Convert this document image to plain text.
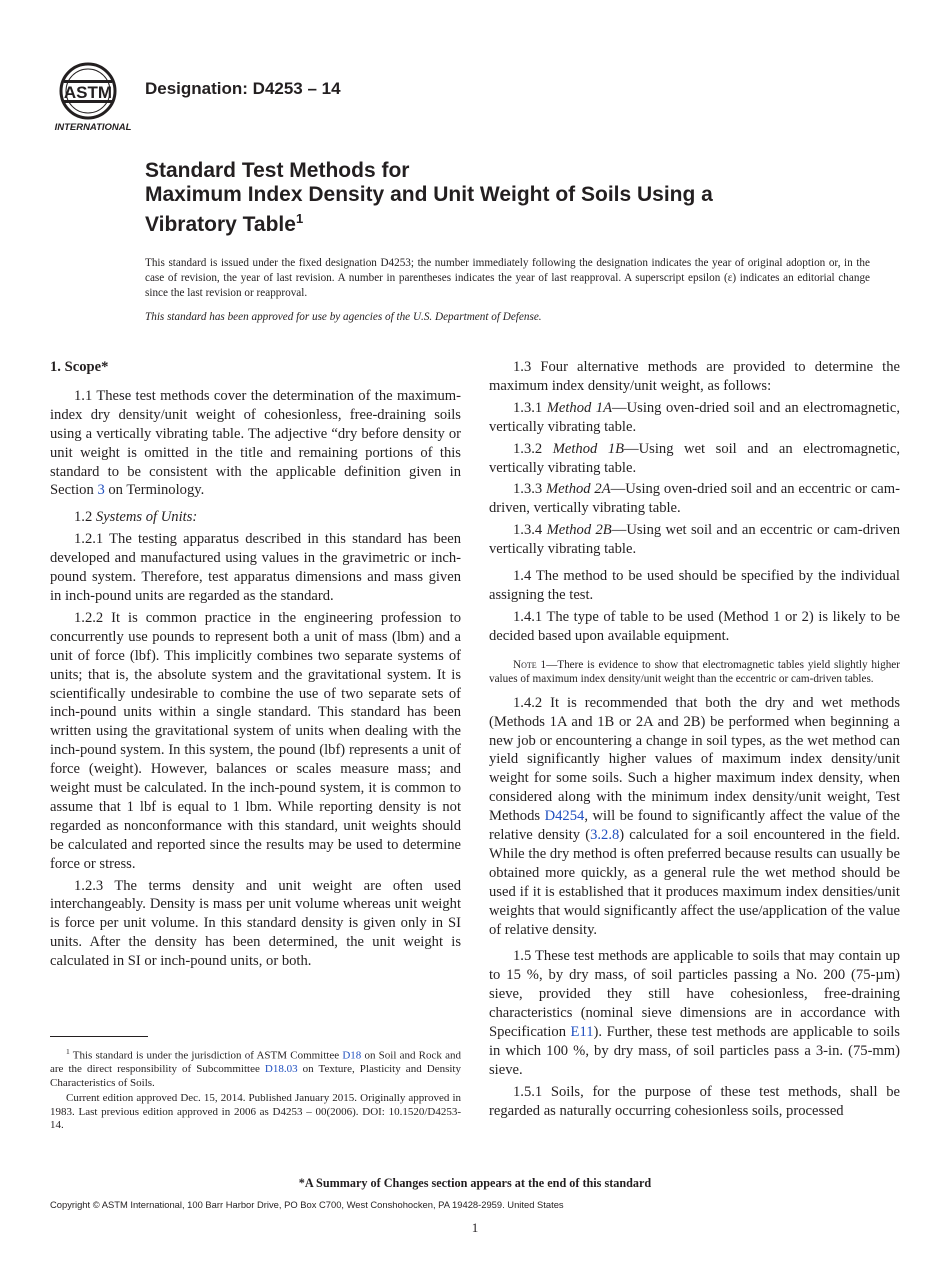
ASTM
INTERNATIONAL
Designation: D4253 – 14
Standard Test Methods for
Maximum Index Density and Unit Weight of Soils Using a
Vibratory Table$^1$
This standard is issued under the fixed designation D4253; the number immediately following the designation indicates the year of original adoption or, in the case of revision, the year of last revision. A number in parentheses indicates the year of last reapproval. A superscript epsilon (ε) indicates an editorial change since the last revision or reapproval.
This standard has been approved for use by agencies of the U.S. Department of Defense.
1. Scope*

1.1 These test methods cover the determination of the maximum-index dry density/unit weight of cohesionless, free-draining soils using a vertically vibrating table. The adjective “dry before density or unit weight is omitted in the title and remaining portions of this standard to be consistent with the applicable definition given in Section 3 on Terminology.

1.2 Systems of Units:

1.2.1 The testing apparatus described in this standard has been developed and manufactured using values in the gravimetric or inch-pound system. Therefore, test apparatus dimensions and mass given in inch-pound units are regarded as the standard.

1.2.2 It is common practice in the engineering profession to concurrently use pounds to represent both a unit of mass (lbm) and a unit of force (lbf). This implicitly combines two separate systems of units; that is, the absolute system and the gravitational system. It is scientifically undesirable to combine the use of two separate sets of inch-pound units within a single standard. This standard has been written using the gravitational system of units when dealing with the inch-pound system. In this system, the pound (lbf) represents a unit of force (weight). However, balances or scales measure mass; and weight must be calculated. In the inch-pound system, it is common to assume that 1 lbf is equal to 1 lbm. While reporting density is not regarded as nonconformance with this standard, unit weights should be calculated and reported since the results may be used to determine force or stress.

1.2.3 The terms density and unit weight are often used interchangeably. Density is mass per unit volume whereas unit weight is force per unit volume. In this standard density is given only in SI units. After the density has been determined, the unit weight is calculated in SI or inch-pound units, or both.

$^1$ This standard is under the jurisdiction of ASTM Committee D18 on Soil and Rock and are the direct responsibility of Subcommittee D18.03 on Texture, Plasticity and Density Characteristics of Soils.

Current edition approved Dec. 15, 2014. Published January 2015. Originally approved in 1983. Last previous edition approved in 2006 as D4253 – 00(2006). DOI: 10.1520/D4253-14.

1.3 Four alternative methods are provided to determine the maximum index density/unit weight, as follows:

1.3.1 Method 1A—Using oven-dried soil and an electromagnetic, vertically vibrating table.

1.3.2 Method 1B—Using wet soil and an electromagnetic, vertically vibrating table.

1.3.3 Method 2A—Using oven-dried soil and an eccentric or cam-driven, vertically vibrating table.

1.3.4 Method 2B—Using wet soil and an eccentric or cam-driven vertically vibrating table.

1.4 The method to be used should be specified by the individual assigning the test.

1.4.1 The type of table to be used (Method 1 or 2) is likely to be decided based upon available equipment.

Note 1—There is evidence to show that electromagnetic tables yield slightly higher values of maximum index density/unit weight than the eccentric or cam-driven tables.

1.4.2 It is recommended that both the dry and wet methods (Methods 1A and 1B or 2A and 2B) be performed when beginning a new job or encountering a change in soil types, as the wet method can yield significantly higher values of maximum index density/unit weight for some soils. Such a higher maximum index density, when considered along with the minimum index density/unit weight, Test Methods D4254, will be found to significantly affect the value of the relative density (3.2.8) calculated for a soil encountered in the field. While the dry method is often preferred because results can usually be obtained more quickly, as a general rule the wet method should be used if it is established that it produces maximum index densities/unit weights that would significantly affect the use/application of the value of relative density.

1.5 These test methods are applicable to soils that may contain up to 15 %, by dry mass, of soil particles passing a No. 200 (75-µm) sieve, provided they still have cohesionless, free-draining characteristics (nominal sieve dimensions are in accordance with Specification E11). Further, these test methods are applicable to soils in which 100 %, by dry mass, of soil particles pass a 3-in. (75-mm) sieve.

1.5.1 Soils, for the purpose of these test methods, shall be regarded as naturally occurring cohesionless soils, processed

*A Summary of Changes section appears at the end of this standard
Copyright © ASTM International, 100 Barr Harbor Drive, PO Box C700, West Conshohocken, PA 19428-2959. United States
1
